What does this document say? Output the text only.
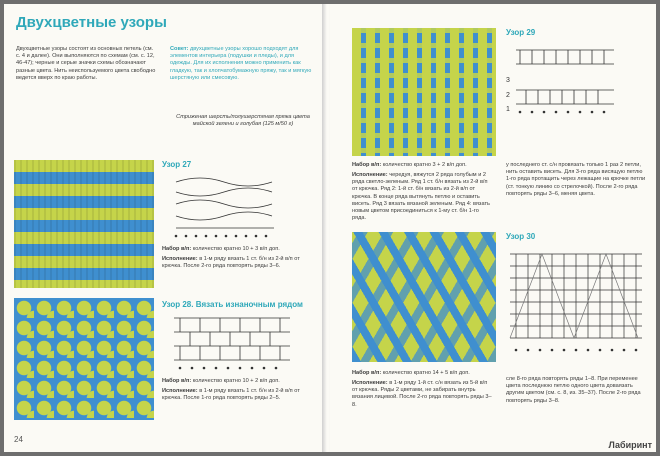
Двухцветные узоры

Двухцветные узоры состоят из основных петель (см. с. 4 и далее). Они выполняются по схемам (см. с. 12, 46-47); черные и серые значки схемы обозначают разные цвета. Нить неиспользуемого цвета свободно ведется вверх по краю работы.

Совет: двухцветные узоры хорошо подходят для элементов интерьера (подушки и пледы), и для одежды. Для их исполнения можно применить как гладкую, так и хлопчатобумажную пряжу, так и мягкую шерстяную или смесовую.

Стриженая шерсть/полушерстяная пряжа цвета майской зелени и голубая (125 м/50 г)

Узор 27

Набор в/п: количество кратно 10 + 3 в/п доп.

Исполнение: в 1-м ряду вязать 1 ст. б/н из 2-й в/п от крючка. После 2-го ряда повторять ряды 3–6.

Узор 28. Вязать изнаночным рядом

Набор в/п: количество кратно 10 + 2 в/п доп.

Исполнение: в 1-м ряду вязать 1 ст. б/н из 2-й в/п от крючка. После 1-го ряда повторять ряды 2–5.

24

Узор 29

3
2
1

Набор в/п: количество кратно 3 + 2 в/п доп.

Исполнение: чередуя, вяжутся 2 ряда голубым и 2 ряда светло-зеленым. Ряд 1 ст. б/н вязать из 2-й в/п от крючка. Ряд 2: 1-й ст. б/н вязать из 2-й в/п от крючка. В конце ряда вытянуть петлю и оставить висеть. Ряд 3 вязать вязаной зеленым. Ряд 4: вязать новым цветом присоединиться к 1-му ст. б/н 1-го ряда.

у последнего ст. с/н провязать только 1 раз 2 петли, нить оставить висеть. Для 3-го ряда висящую петлю 1-го ряда протащить через лежащие на крючке петли (ст. тонкую линию со стрелочкой). После 2-го ряда повторять ряды 3–6, меняя цвета.

Узор 30

Набор в/п: количество кратно 14 + 5 в/п доп.

Исполнение: в 1-м ряду 1-й ст. с/н вязать из 5-й в/п от крючка. Ряды 2 цветами, не забирать внутрь вязания лицевой. После 2-го ряда повторять ряды 3–8.

сле 8-го ряда повторять ряды 1–8. При переменее цвета последнюю петлю одного цвета доваязать другим цветом (см. с. 8, из. 35–37). После 2-го ряда повторять ряды 3–8.

Лабиринт
